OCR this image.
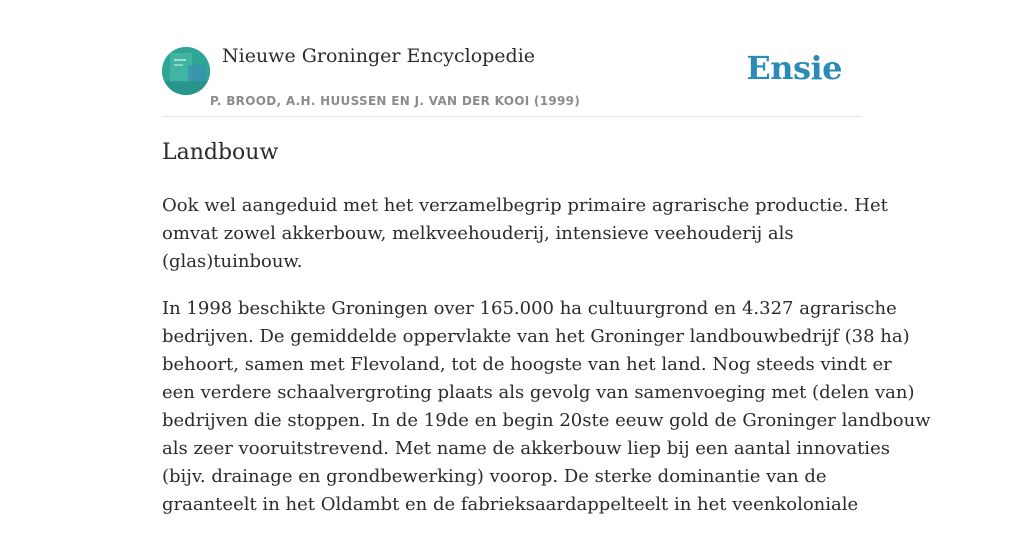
Nieuwe Groninger Encyclopedie
P. BROOD, A.H. HUUSSEN EN J. VAN DER KOOI (1999)
Ensie
Landbouw

Ook wel aangeduid met het verzamelbegrip primaire agrarische productie. Het
omvat zowel akkerbouw, melkveehouderij, intensieve veehouderij als
(glas)tuinbouw.

In 1998 beschikte Groningen over 165.000 ha cultuurgrond en 4.327 agrarische
bedrijven. De gemiddelde oppervlakte van het Groninger landbouwbedrijf (38 ha)
behoort, samen met Flevoland, tot de hoogste van het land. Nog steeds vindt er
een verdere schaalvergroting plaats als gevolg van samenvoeging met (delen van)
bedrijven die stoppen. In de 19de en begin 20ste eeuw gold de Groninger landbouw
als zeer vooruitstrevend. Met name de akkerbouw liep bij een aantal innovaties
(bijv. drainage en grondbewerking) voorop. De sterke dominantie van de
graanteelt in het Oldambt en de fabrieksaardappelteelt in het veenkoloniale
